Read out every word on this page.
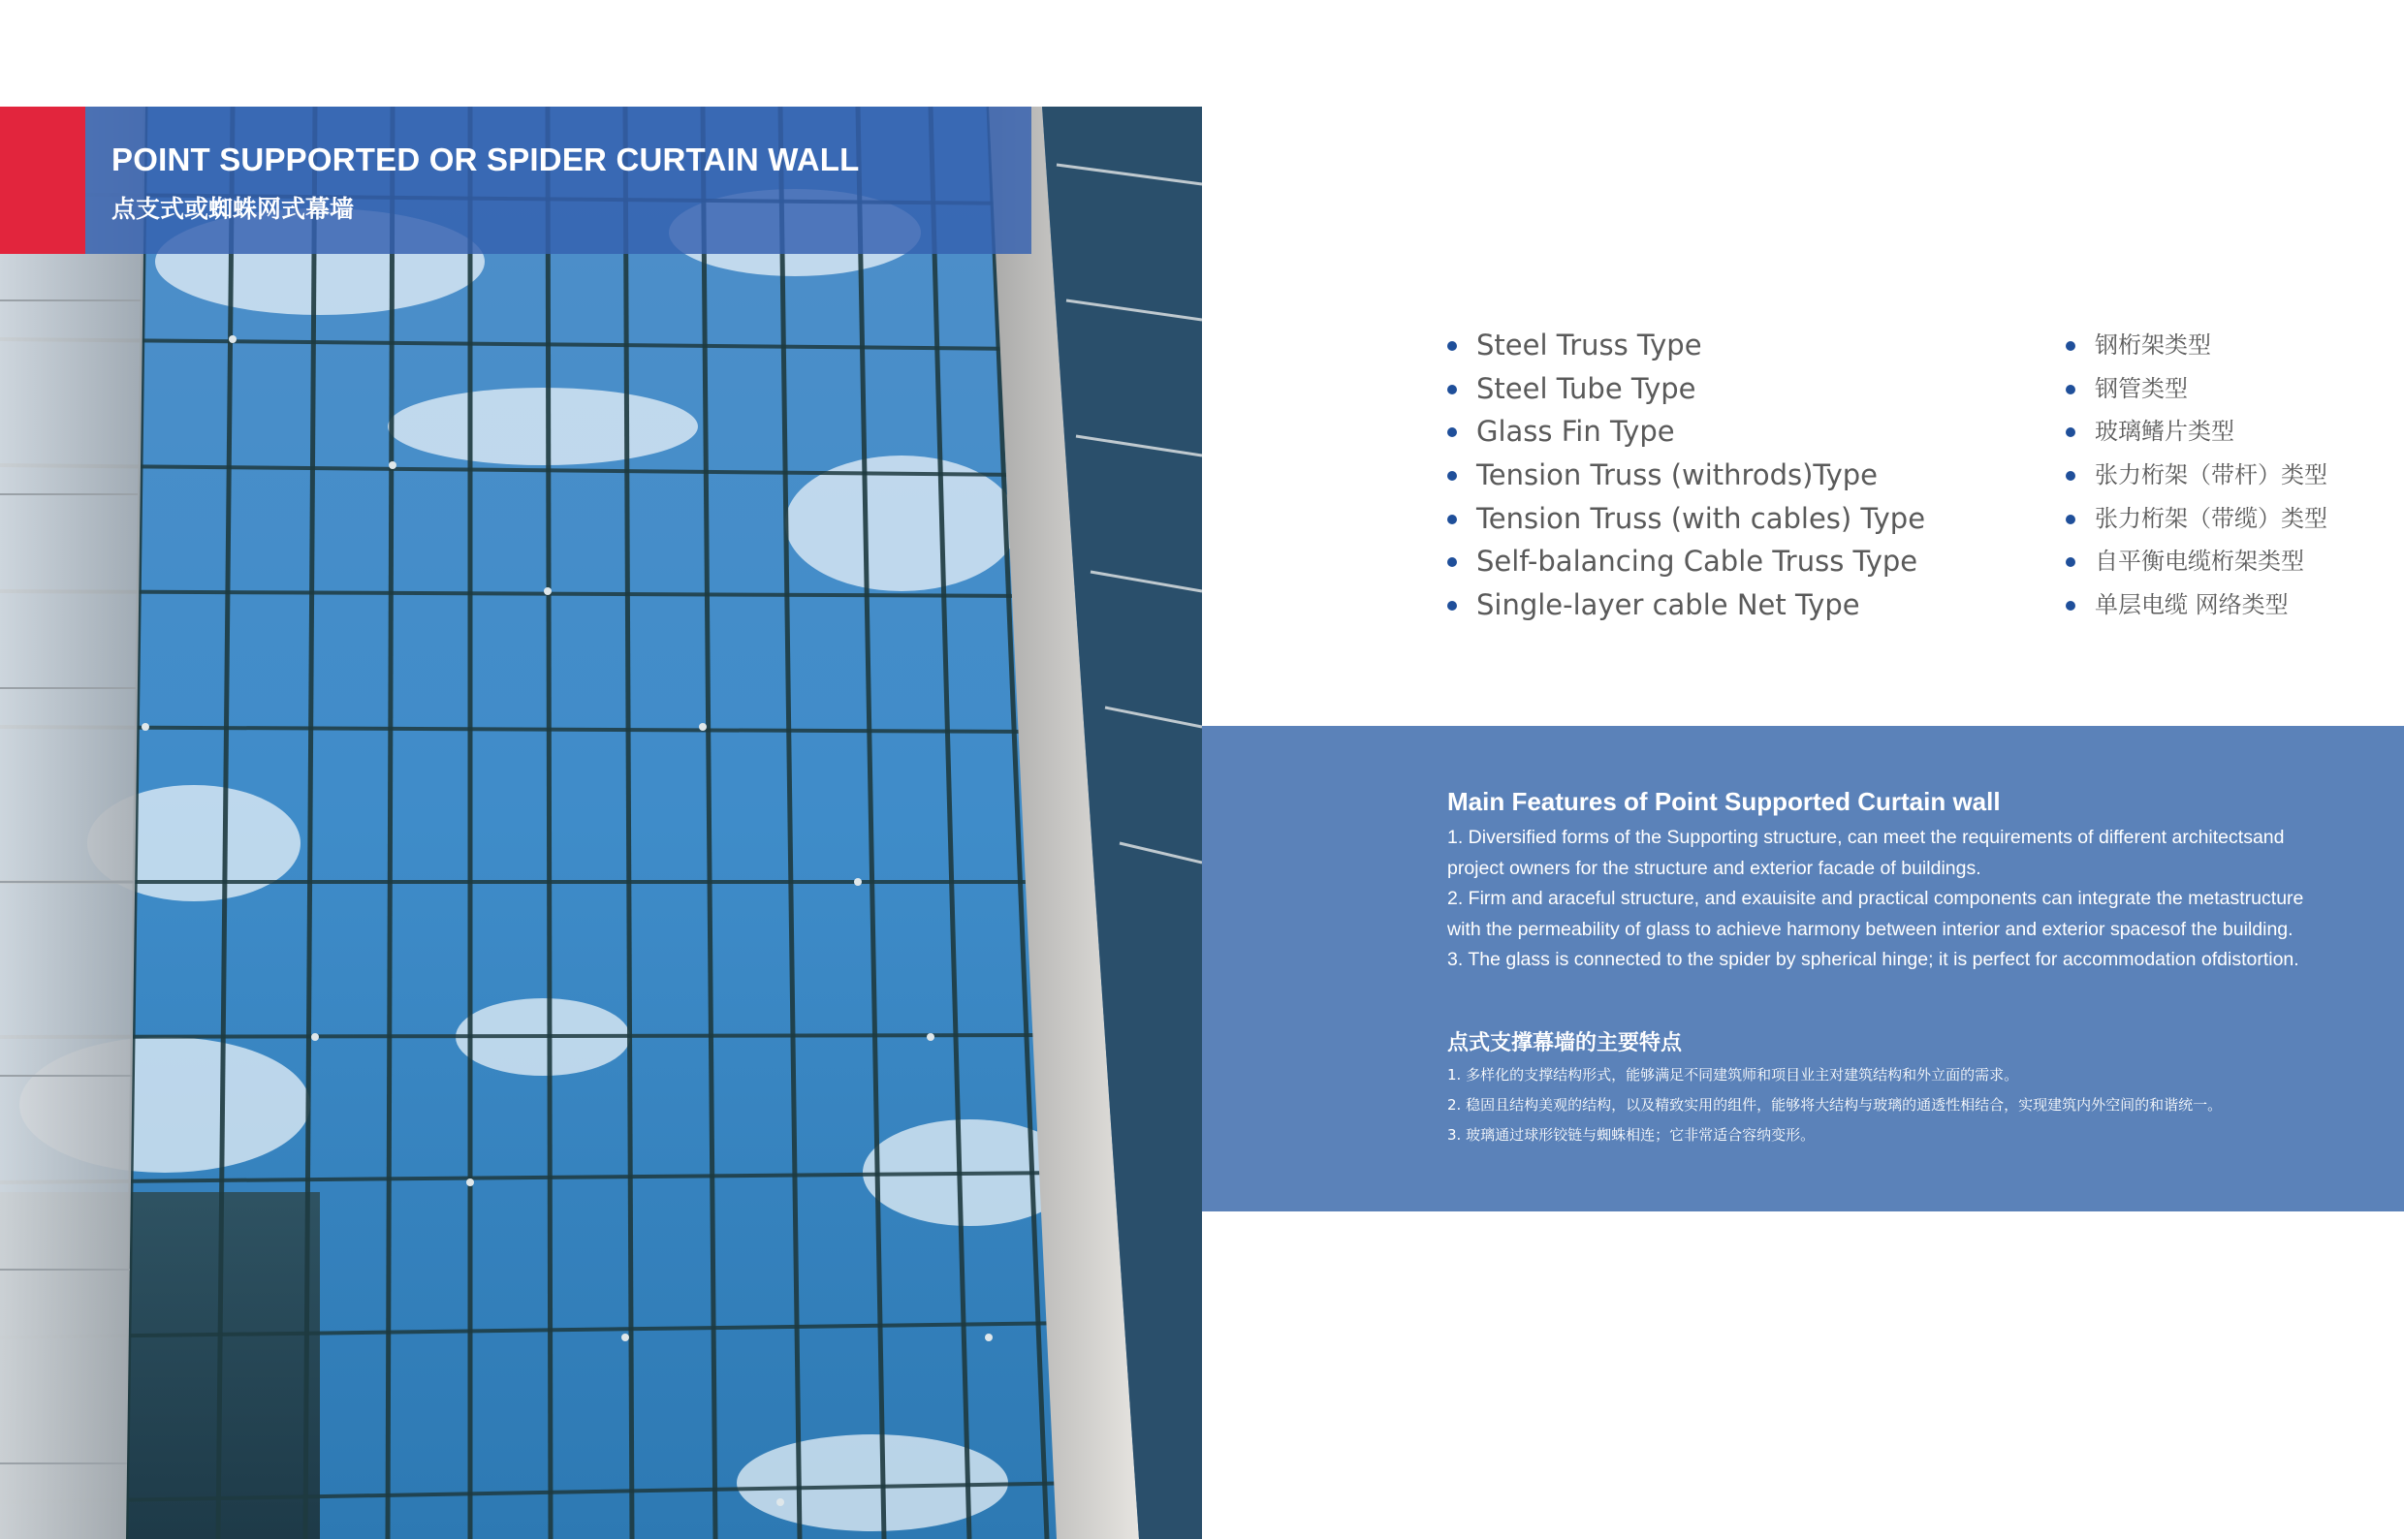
POINT SUPPORTED OR SPIDER CURTAIN WALL
点支式或蜘蛛网式幕墙
Steel Truss Type
Steel Tube Type
Glass Fin Type
Tension Truss (withrods)Type
Tension Truss (with cables) Type
Self-balancing Cable Truss Type
Single-layer cable Net Type
钢桁架类型
钢管类型
玻璃鳍片类型
张力桁架（带杆）类型
张力桁架（带缆）类型
自平衡电缆桁架类型
单层电缆 网络类型
Main Features of Point Supported Curtain wall
1. Diversified forms of the Supporting structure, can meet the requirements of different architectsand
project owners for the structure and exterior facade of buildings.
2. Firm and araceful structure, and exauisite and practical components can integrate the metastructure
with the permeability of glass to achieve harmony between interior and exterior spacesof the building.
3. The glass is connected to the spider by spherical hinge; it is perfect for accommodation ofdistortion.
点式支撑幕墙的主要特点
1. 多样化的支撑结构形式，能够满足不同建筑师和项目业主对建筑结构和外立面的需求。
2. 稳固且结构美观的结构，以及精致实用的组件，能够将大结构与玻璃的通透性相结合，实现建筑内外空间的和谐统一。
3. 玻璃通过球形铰链与蜘蛛相连；它非常适合容纳变形。
